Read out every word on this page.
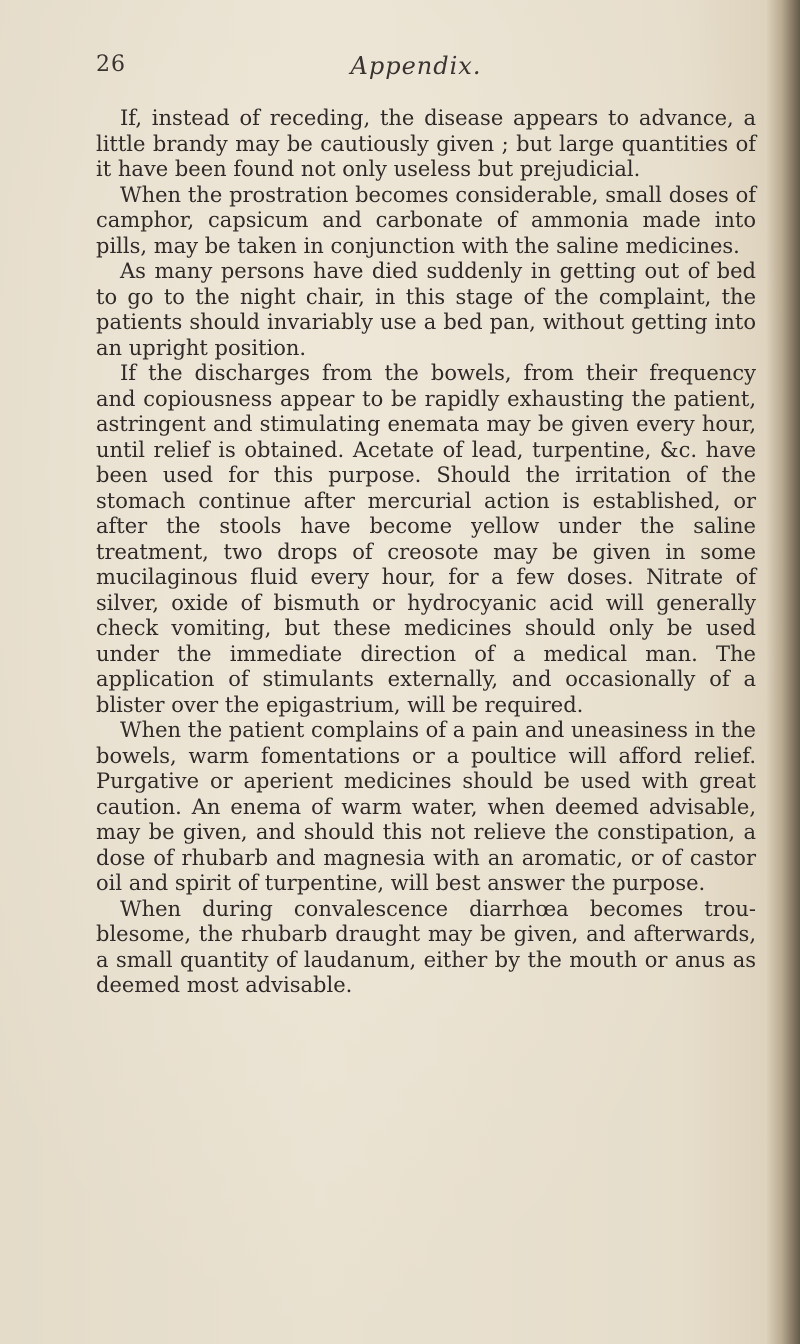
26	Appendix.

If, instead of receding, the disease appears to advance, a little brandy may be cautiously given ; but large quantities of it have been found not only useless but prejudicial.

When the prostration becomes considerable, small doses of camphor, capsicum and carbonate of ammonia made into pills, may be taken in conjunction with the saline medicines.

As many persons have died suddenly in getting out of bed to go to the night chair, in this stage of the complaint, the patients should invariably use a bed pan, without getting into an upright position.

If the discharges from the bowels, from their frequency and copiousness appear to be rapidly exhausting the patient, astringent and stimulating enemata may be given every hour, until relief is obtained. Acetate of lead, turpentine, &c. have been used for this purpose. Should the irritation of the stomach continue after mercurial action is established, or after the stools have become yellow under the saline treatment, two drops of creosote may be given in some mucilaginous fluid every hour, for a few doses. Nitrate of silver, oxide of bismuth or hydrocyanic acid will generally check vomiting, but these medicines should only be used under the immediate direction of a medical man. The application of stimulants externally, and occasionally of a blister over the epigastrium, will be required.

When the patient complains of a pain and uneasiness in the bowels, warm fomentations or a poultice will afford relief. Purgative or aperient medicines should be used with great caution. An enema of warm water, when deemed advisable, may be given, and should this not relieve the constipation, a dose of rhubarb and magnesia with an aromatic, or of castor oil and spirit of turpentine, will best answer the purpose.

When during convalescence diarrhœa becomes troublesome, the rhubarb draught may be given, and afterwards, a small quantity of laudanum, either by the mouth or anus as deemed most advisable.
